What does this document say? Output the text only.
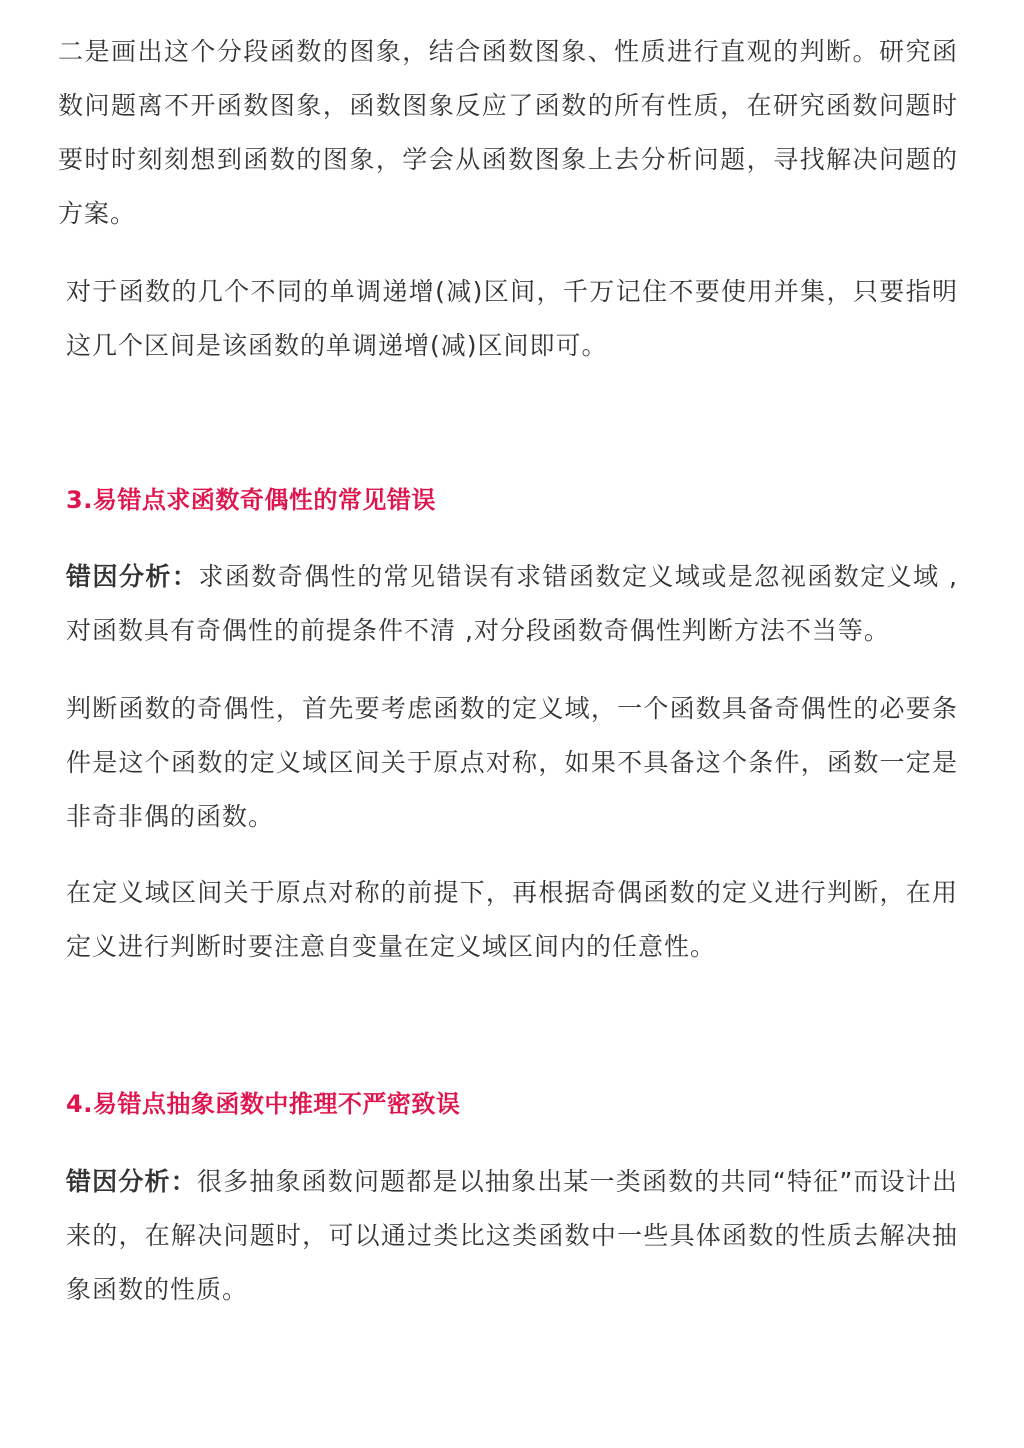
二是画出这个分段函数的图象，结合函数图象、性质进行直观的判断。研究函数问题离不开函数图象，函数图象反应了函数的所有性质，在研究函数问题时要时时刻刻想到函数的图象，学会从函数图象上去分析问题，寻找解决问题的方案。

对于函数的几个不同的单调递增(减)区间，千万记住不要使用并集，只要指明这几个区间是该函数的单调递增(减)区间即可。

3.易错点求函数奇偶性的常见错误

错因分析：求函数奇偶性的常见错误有求错函数定义域或是忽视函数定义域 ,对函数具有奇偶性的前提条件不清 ,对分段函数奇偶性判断方法不当等。

判断函数的奇偶性，首先要考虑函数的定义域，一个函数具备奇偶性的必要条件是这个函数的定义域区间关于原点对称，如果不具备这个条件，函数一定是非奇非偶的函数。

在定义域区间关于原点对称的前提下，再根据奇偶函数的定义进行判断，在用定义进行判断时要注意自变量在定义域区间内的任意性。

4.易错点抽象函数中推理不严密致误

错因分析：很多抽象函数问题都是以抽象出某一类函数的共同“特征”而设计出来的，在解决问题时，可以通过类比这类函数中一些具体函数的性质去解决抽象函数的性质。
